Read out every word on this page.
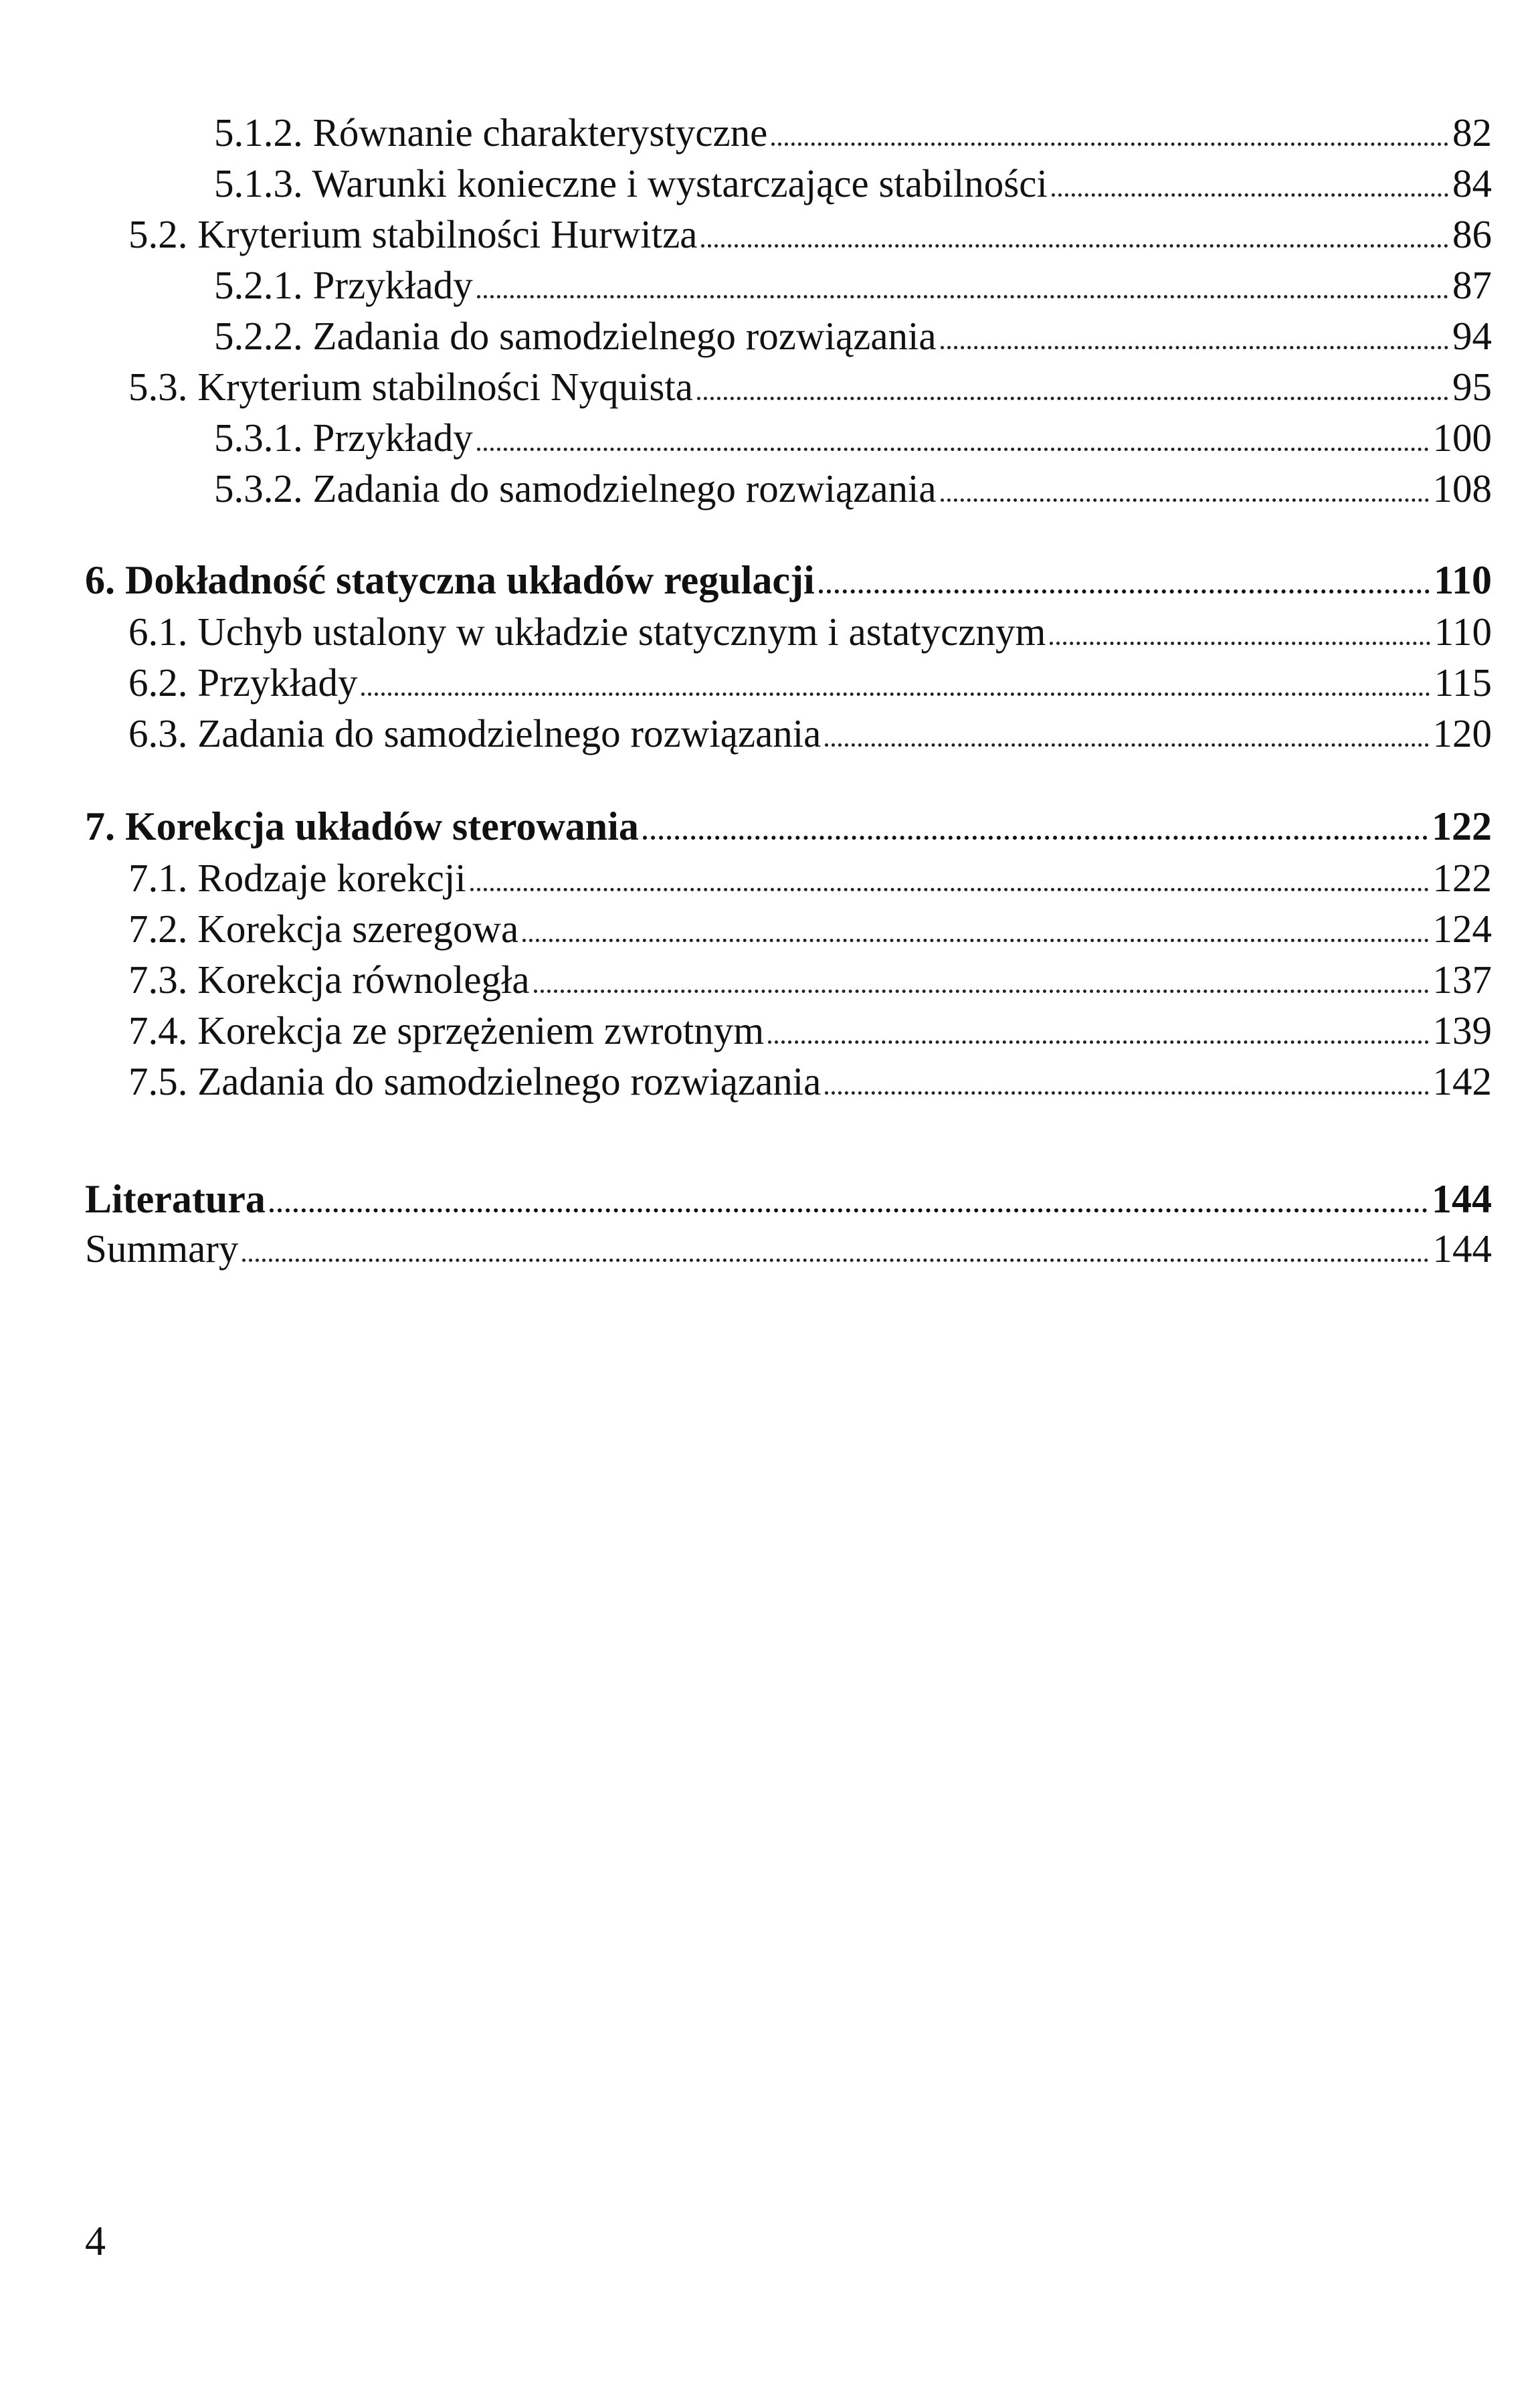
5.1.2. Równanie charakterystyczne	82
5.1.3. Warunki konieczne i wystarczające stabilności	84
5.2. Kryterium stabilności Hurwitza	86
5.2.1. Przykłady	87
5.2.2. Zadania do samodzielnego rozwiązania	94
5.3. Kryterium stabilności Nyquista	95
5.3.1. Przykłady	100
5.3.2. Zadania do samodzielnego rozwiązania	108
6. Dokładność statyczna układów regulacji	110
6.1. Uchyb ustalony w układzie statycznym i astatycznym	110
6.2. Przykłady	115
6.3. Zadania do samodzielnego rozwiązania	120
7. Korekcja układów sterowania	122
7.1. Rodzaje korekcji	122
7.2. Korekcja szeregowa	124
7.3. Korekcja równoległa	137
7.4. Korekcja ze sprzężeniem zwrotnym	139
7.5. Zadania do samodzielnego rozwiązania	142
Literatura	144
Summary	144
4
